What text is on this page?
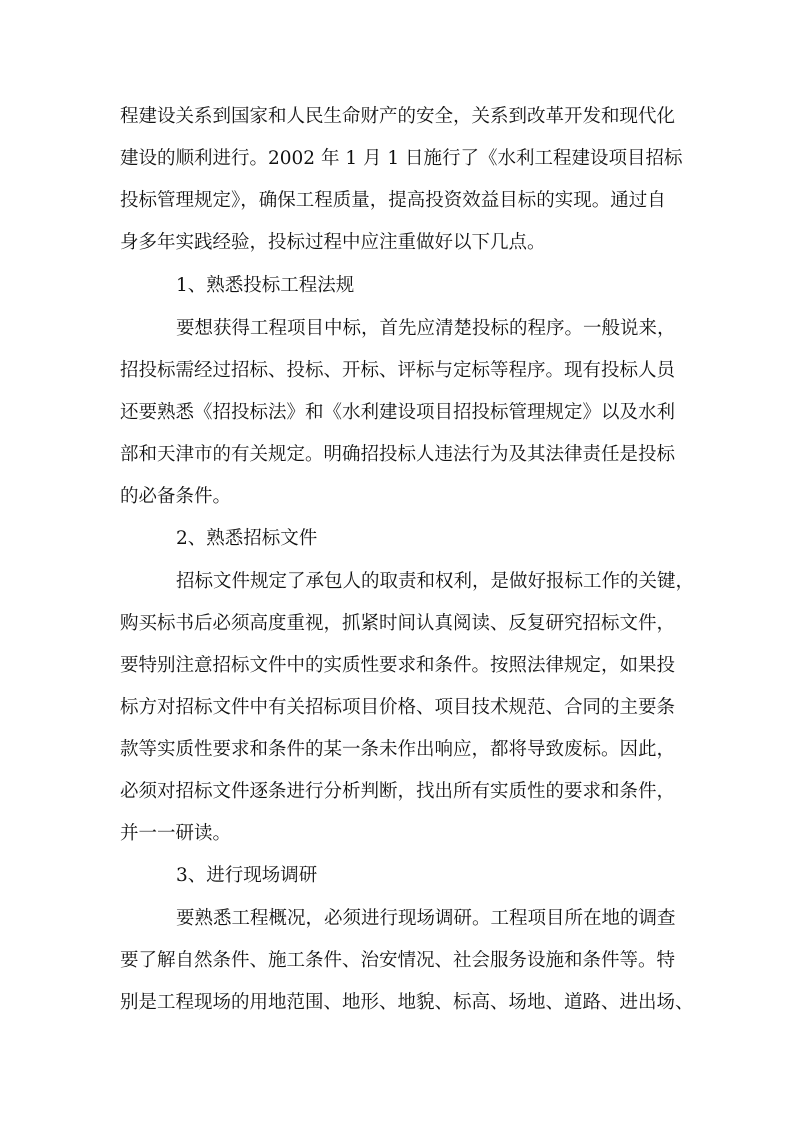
程建设关系到国家和人民生命财产的安全，关系到改革开发和现代化
建设的顺利进行。2002 年 1 月 1 日施行了《水利工程建设项目招标
投标管理规定》，确保工程质量，提高投资效益目标的实现。通过自
身多年实践经验，投标过程中应注重做好以下几点。
1、熟悉投标工程法规
要想获得工程项目中标，首先应清楚投标的程序。一般说来，
招投标需经过招标、投标、开标、评标与定标等程序。现有投标人员
还要熟悉《招投标法》和《水利建设项目招投标管理规定》以及水利
部和天津市的有关规定。明确招投标人违法行为及其法律责任是投标
的必备条件。
2、熟悉招标文件
招标文件规定了承包人的取责和权利，是做好报标工作的关键，
购买标书后必须高度重视，抓紧时间认真阅读、反复研究招标文件，
要特别注意招标文件中的实质性要求和条件。按照法律规定，如果投
标方对招标文件中有关招标项目价格、项目技术规范、合同的主要条
款等实质性要求和条件的某一条未作出响应，都将导致废标。因此，
必须对招标文件逐条进行分析判断，找出所有实质性的要求和条件，
并一一研读。
3、进行现场调研
要熟悉工程概况，必须进行现场调研。工程项目所在地的调查
要了解自然条件、施工条件、治安情况、社会服务设施和条件等。特
别是工程现场的用地范围、地形、地貌、标高、场地、道路、进出场、
